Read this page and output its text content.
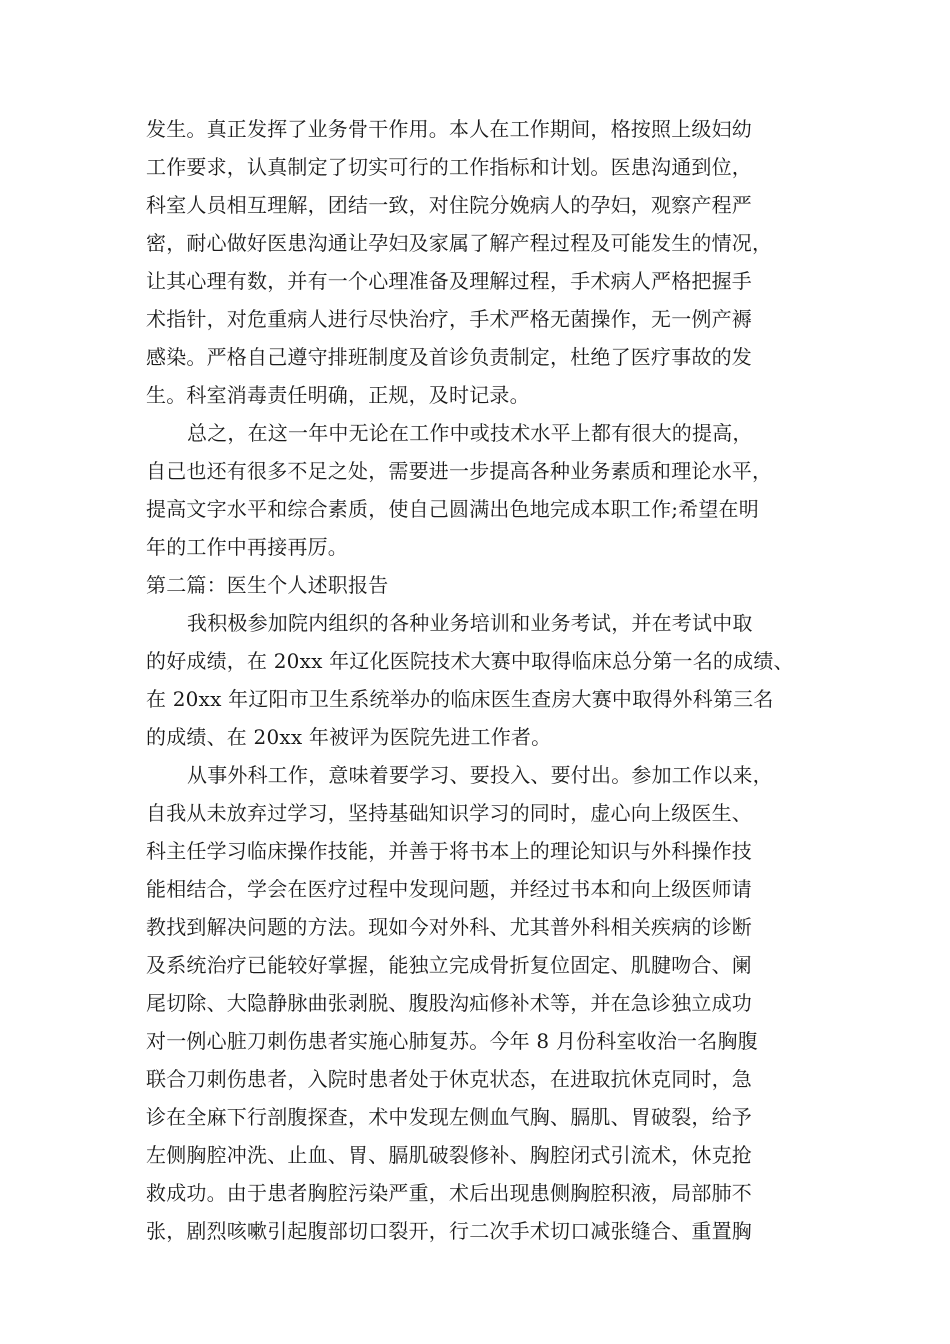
发生。真正发挥了业务骨干作用。本人在工作期间，格按照上级妇幼
工作要求，认真制定了切实可行的工作指标和计划。医患沟通到位，
科室人员相互理解，团结一致，对住院分娩病人的孕妇，观察产程严
密，耐心做好医患沟通让孕妇及家属了解产程过程及可能发生的情况，
让其心理有数，并有一个心理准备及理解过程，手术病人严格把握手
术指针，对危重病人进行尽快治疗，手术严格无菌操作，无一例产褥
感染。严格自己遵守排班制度及首诊负责制定，杜绝了医疗事故的发
生。科室消毒责任明确，正规，及时记录。
总之，在这一年中无论在工作中或技术水平上都有很大的提高，
自己也还有很多不足之处，需要进一步提高各种业务素质和理论水平，
提高文字水平和综合素质，使自己圆满出色地完成本职工作;希望在明
年的工作中再接再厉。
第二篇：医生个人述职报告
我积极参加院内组织的各种业务培训和业务考试，并在考试中取
的好成绩，在 20xx 年辽化医院技术大赛中取得临床总分第一名的成绩、
在 20xx 年辽阳市卫生系统举办的临床医生查房大赛中取得外科第三名
的成绩、在 20xx 年被评为医院先进工作者。
从事外科工作，意味着要学习、要投入、要付出。参加工作以来，
自我从未放弃过学习，坚持基础知识学习的同时，虚心向上级医生、
科主任学习临床操作技能，并善于将书本上的理论知识与外科操作技
能相结合，学会在医疗过程中发现问题，并经过书本和向上级医师请
教找到解决问题的方法。现如今对外科、尤其普外科相关疾病的诊断
及系统治疗已能较好掌握，能独立完成骨折复位固定、肌腱吻合、阑
尾切除、大隐静脉曲张剥脱、腹股沟疝修补术等，并在急诊独立成功
对一例心脏刀刺伤患者实施心肺复苏。今年 8 月份科室收治一名胸腹
联合刀刺伤患者，入院时患者处于休克状态，在进取抗休克同时，急
诊在全麻下行剖腹探查，术中发现左侧血气胸、膈肌、胃破裂，给予
左侧胸腔冲洗、止血、胃、膈肌破裂修补、胸腔闭式引流术，休克抢
救成功。由于患者胸腔污染严重，术后出现患侧胸腔积液，局部肺不
张，剧烈咳嗽引起腹部切口裂开，行二次手术切口减张缝合、重置胸
